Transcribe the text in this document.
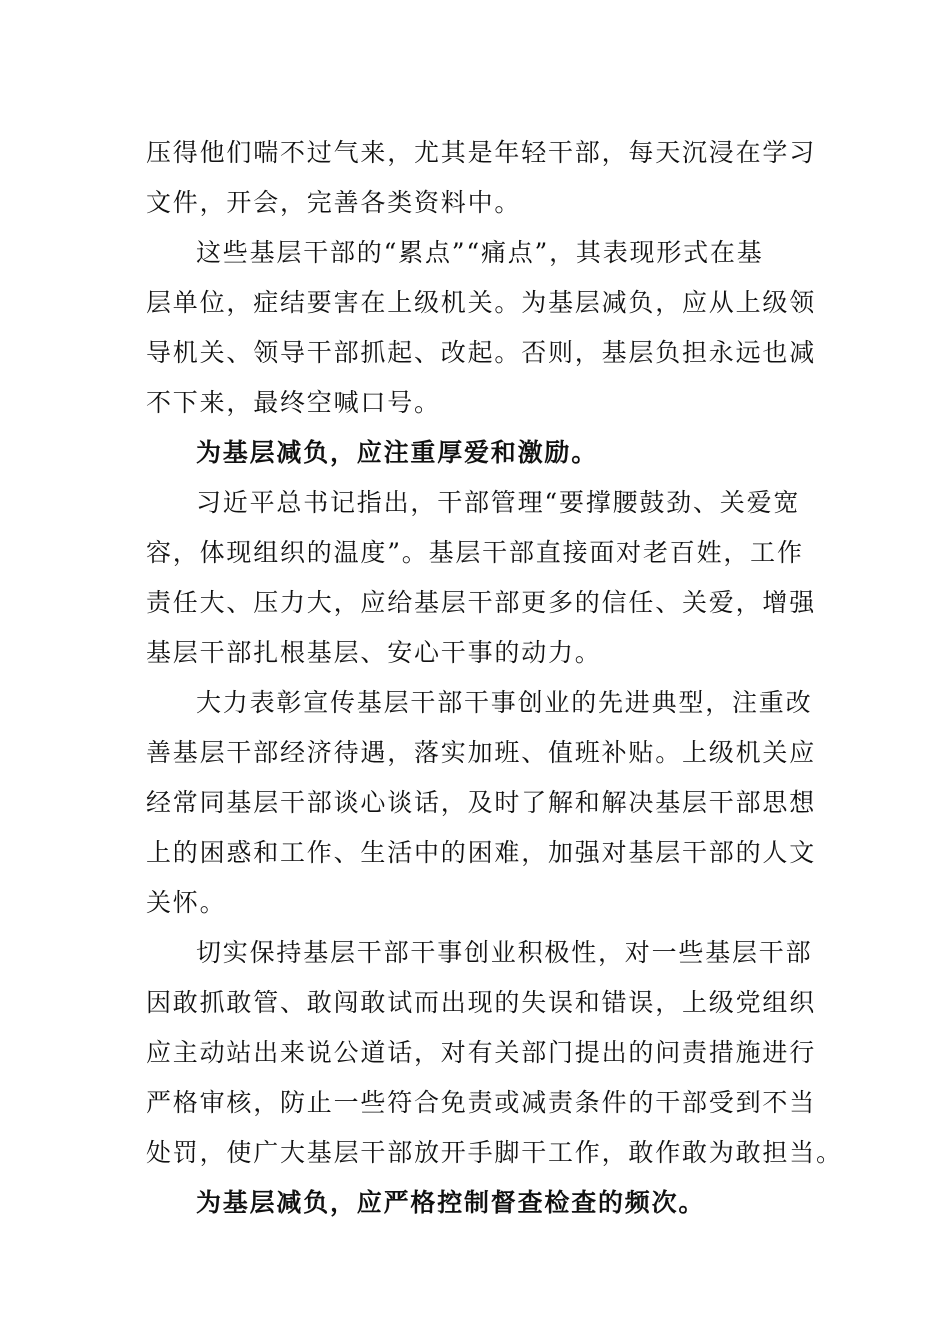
压得他们喘不过气来，尤其是年轻干部，每天沉浸在学习
文件，开会，完善各类资料中。
这些基层干部的“累点”“痛点”，其表现形式在基
层单位，症结要害在上级机关。为基层减负，应从上级领
导机关、领导干部抓起、改起。否则，基层负担永远也减
不下来，最终空喊口号。
为基层减负，应注重厚爱和激励。
习近平总书记指出，干部管理“要撑腰鼓劲、关爱宽
容，体现组织的温度”。基层干部直接面对老百姓，工作
责任大、压力大，应给基层干部更多的信任、关爱，增强
基层干部扎根基层、安心干事的动力。
大力表彰宣传基层干部干事创业的先进典型，注重改
善基层干部经济待遇，落实加班、值班补贴。上级机关应
经常同基层干部谈心谈话，及时了解和解决基层干部思想
上的困惑和工作、生活中的困难，加强对基层干部的人文
关怀。
切实保持基层干部干事创业积极性，对一些基层干部
因敢抓敢管、敢闯敢试而出现的失误和错误，上级党组织
应主动站出来说公道话，对有关部门提出的问责措施进行
严格审核，防止一些符合免责或减责条件的干部受到不当
处罚，使广大基层干部放开手脚干工作，敢作敢为敢担当。
为基层减负，应严格控制督查检查的频次。
